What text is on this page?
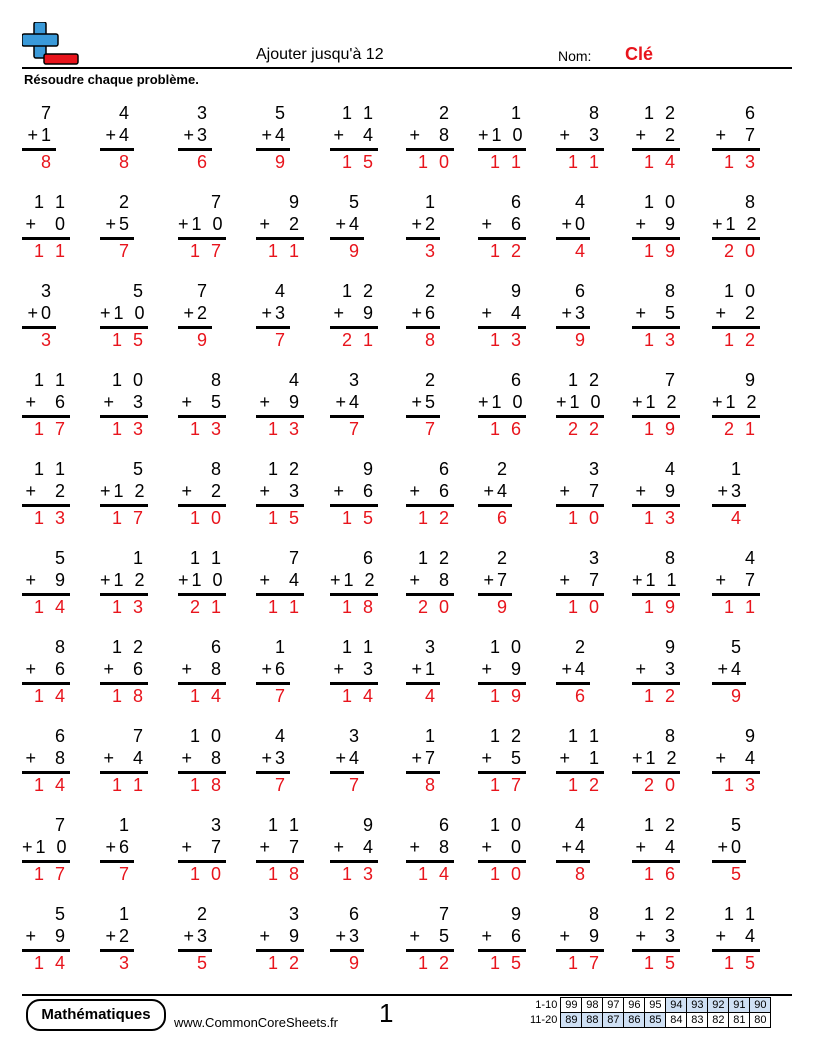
Ajouter jusqu'à 12	Nom: Clé
Résoudre chaque problème.
7
+1
8
4
+4
8
3
+3
6
5
+4
9
1 1
+  4
1 5
2
+  8
1 0
1
+1 0
1 1
8
+  3
1 1
1 2
+  2
1 4
6
+  7
1 3
1 1
+  0
1 1
2
+5
7
7
+1 0
1 7
9
+  2
1 1
5
+4
9
1
+2
3
6
+  6
1 2
4
+0
4
1 0
+  9
1 9
8
+1 2
2 0
3
+0
3
5
+1 0
1 5
7
+2
9
4
+3
7
1 2
+  9
2 1
2
+6
8
9
+  4
1 3
6
+3
9
8
+  5
1 3
1 0
+  2
1 2
1 1
+  6
1 7
1 0
+  3
1 3
8
+  5
1 3
4
+  9
1 3
3
+4
7
2
+5
7
6
+1 0
1 6
1 2
+1 0
2 2
7
+1 2
1 9
9
+1 2
2 1
1 1
+  2
1 3
5
+1 2
1 7
8
+  2
1 0
1 2
+  3
1 5
9
+  6
1 5
6
+  6
1 2
2
+4
6
3
+  7
1 0
4
+  9
1 3
1
+3
4
5
+  9
1 4
1
+1 2
1 3
1 1
+1 0
2 1
7
+  4
1 1
6
+1 2
1 8
1 2
+  8
2 0
2
+7
9
3
+  7
1 0
8
+1 1
1 9
4
+  7
1 1
8
+  6
1 4
1 2
+  6
1 8
6
+  8
1 4
1
+6
7
1 1
+  3
1 4
3
+1
4
1 0
+  9
1 9
2
+4
6
9
+  3
1 2
5
+4
9
6
+  8
1 4
7
+  4
1 1
1 0
+  8
1 8
4
+3
7
3
+4
7
1
+7
8
1 2
+  5
1 7
1 1
+  1
1 2
8
+1 2
2 0
9
+  4
1 3
7
+1 0
1 7
1
+6
7
3
+  7
1 0
1 1
+  7
1 8
9
+  4
1 3
6
+  8
1 4
1 0
+  0
1 0
4
+4
8
1 2
+  4
1 6
5
+0
5
5
+  9
1 4
1
+2
3
2
+3
5
3
+  9
1 2
6
+3
9
7
+  5
1 2
9
+  6
1 5
8
+  9
1 7
1 2
+  3
1 5
1 1
+  4
1 5
Mathématiques	www.CommonCoreSheets.fr 1	1-10	99	98	97	96	95	94	93	92	91	90
11-20	89	88	87	86	85	84	83	82	81	80
